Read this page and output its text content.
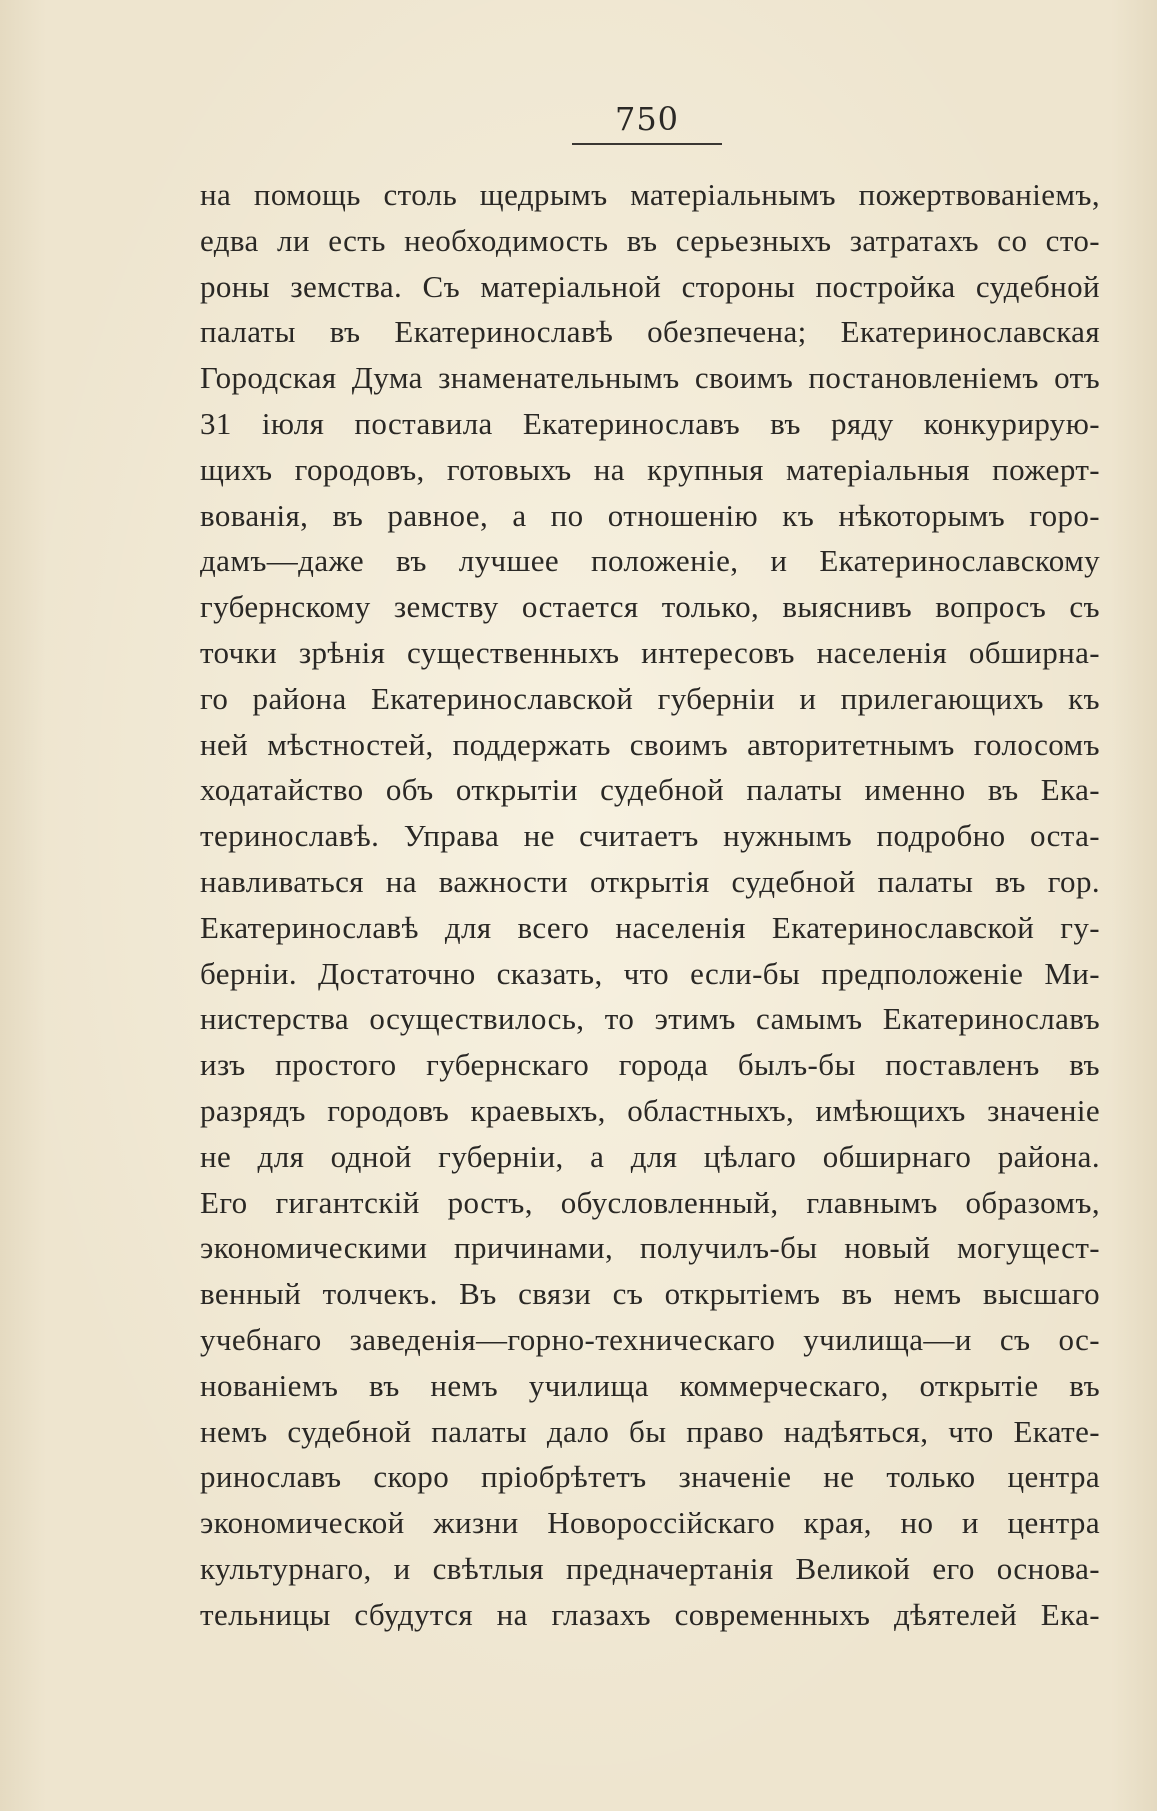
750
на помощь столь щедрымъ матеріальнымъ пожертвованіемъ,
едва ли есть необходимость въ серьезныхъ затратахъ со сто-
роны земства. Съ матеріальной стороны постройка судебной
палаты въ Екатеринославѣ обезпечена; Екатеринославская
Городская Дума знаменательнымъ своимъ постановленіемъ отъ
31 іюля поставила Екатеринославъ въ ряду конкурирую-
щихъ городовъ, готовыхъ на крупныя матеріальныя пожерт-
вованія, въ равное, а по отношенію къ нѣкоторымъ горо-
дамъ—даже въ лучшее положеніе, и Екатеринославскому
губернскому земству остается только, выяснивъ вопросъ съ
точки зрѣнія существенныхъ интересовъ населенія обширна-
го района Екатеринославской губерніи и прилегающихъ къ
ней мѣстностей, поддержать своимъ авторитетнымъ голосомъ
ходатайство объ открытіи судебной палаты именно въ Ека-
теринославѣ. Управа не считаетъ нужнымъ подробно оста-
навливаться на важности открытія судебной палаты въ гор.
Екатеринославѣ для всего населенія Екатеринославской гу-
берніи. Достаточно сказать, что если-бы предположеніе Ми-
нистерства осуществилось, то этимъ самымъ Екатеринославъ
изъ простого губернскаго города былъ-бы поставленъ въ
разрядъ городовъ краевыхъ, областныхъ, имѣющихъ значеніе
не для одной губерніи, а для цѣлаго обширнаго района.
Его гигантскій ростъ, обусловленный, главнымъ образомъ,
экономическими причинами, получилъ-бы новый могущест-
венный толчекъ. Въ связи съ открытіемъ въ немъ высшаго
учебнаго заведенія—горно-техническаго училища—и съ ос-
нованіемъ въ немъ училища коммерческаго, открытіе въ
немъ судебной палаты дало бы право надѣяться, что Екате-
ринославъ скоро пріобрѣтетъ значеніе не только центра
экономической жизни Новороссійскаго края, но и центра
культурнаго, и свѣтлыя предначертанія Великой его основа-
тельницы сбудутся на глазахъ современныхъ дѣятелей Ека-
